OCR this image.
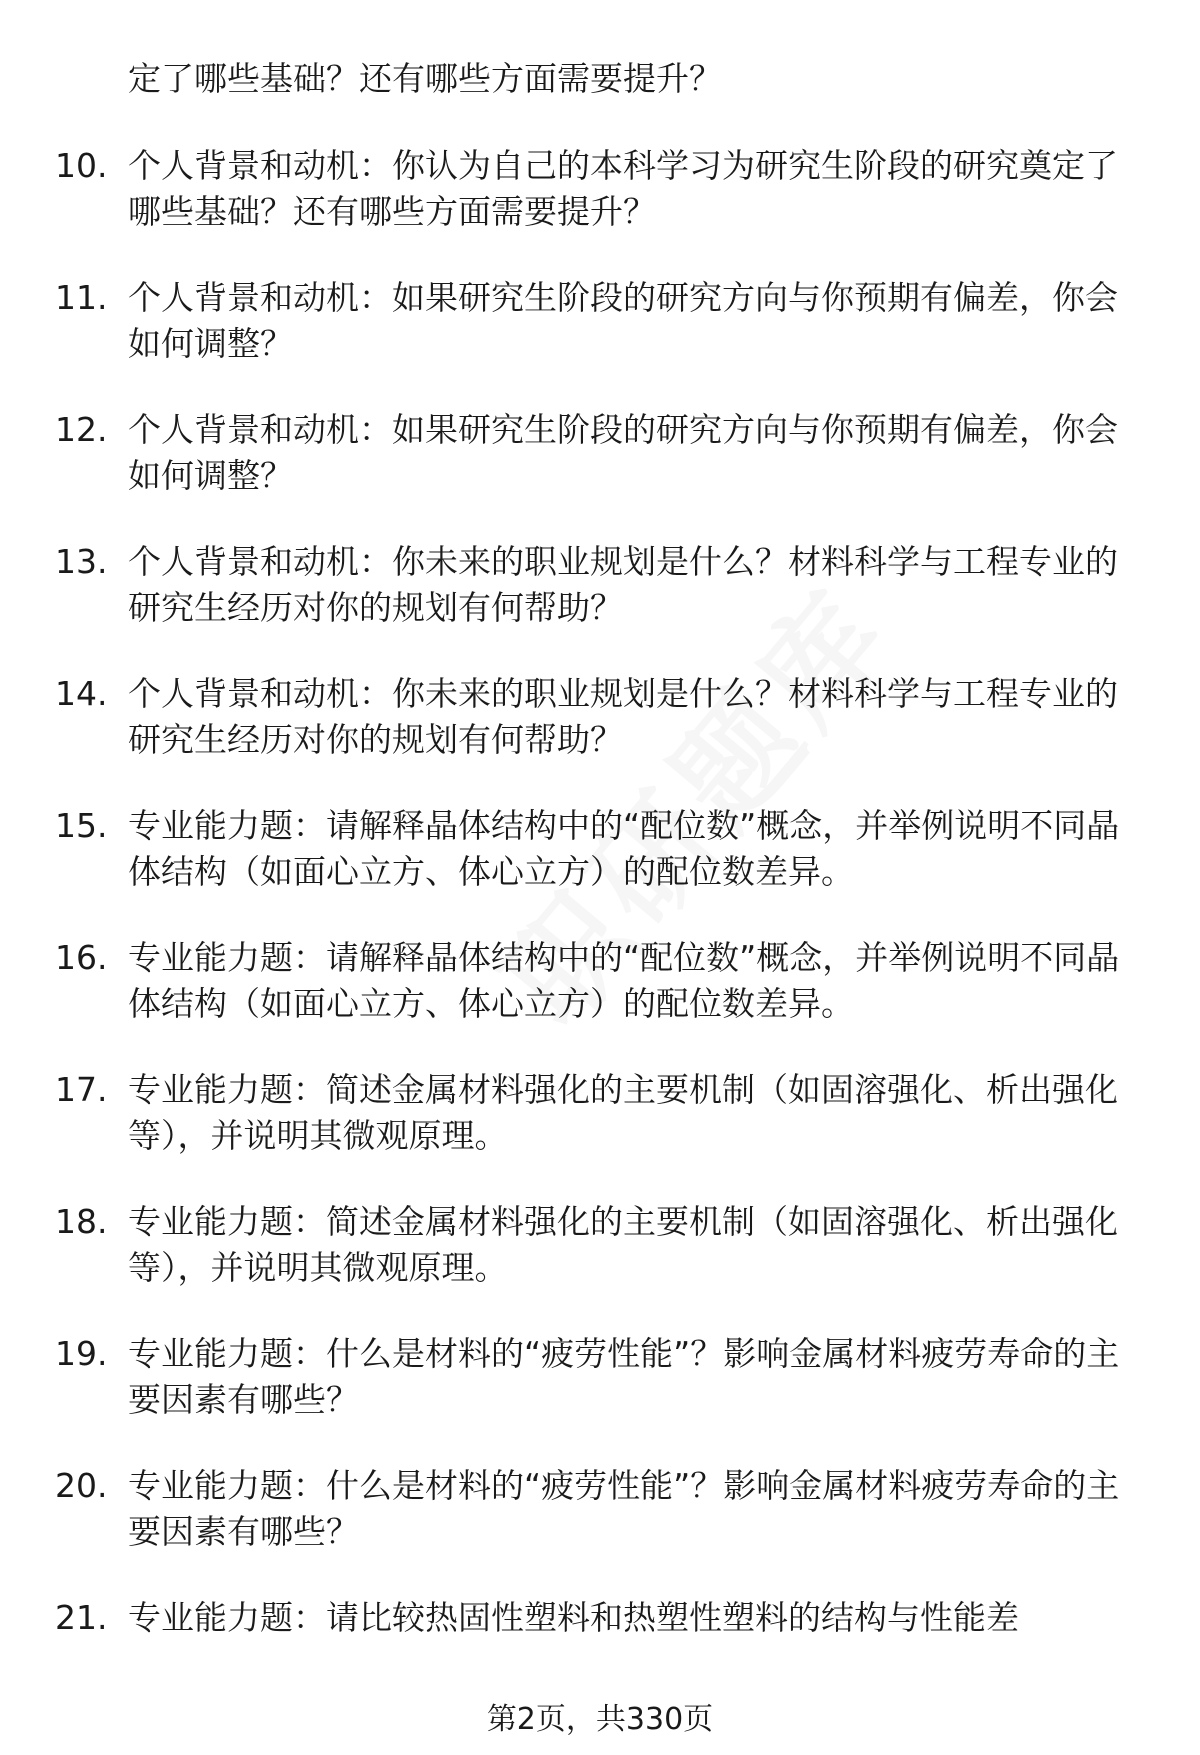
定了哪些基础？还有哪些方面需要提升？

10. 个人背景和动机：你认为自己的本科学习为研究生阶段的研究奠定了哪些基础？还有哪些方面需要提升？

11. 个人背景和动机：如果研究生阶段的研究方向与你预期有偏差，你会如何调整？

12. 个人背景和动机：如果研究生阶段的研究方向与你预期有偏差，你会如何调整？

13. 个人背景和动机：你未来的职业规划是什么？材料科学与工程专业的研究生经历对你的规划有何帮助？

14. 个人背景和动机：你未来的职业规划是什么？材料科学与工程专业的研究生经历对你的规划有何帮助？

15. 专业能力题：请解释晶体结构中的“配位数”概念，并举例说明不同晶体结构（如面心立方、体心立方）的配位数差异。

16. 专业能力题：请解释晶体结构中的“配位数”概念，并举例说明不同晶体结构（如面心立方、体心立方）的配位数差异。

17. 专业能力题：简述金属材料强化的主要机制（如固溶强化、析出强化等），并说明其微观原理。

18. 专业能力题：简述金属材料强化的主要机制（如固溶强化、析出强化等），并说明其微观原理。

19. 专业能力题：什么是材料的“疲劳性能”？影响金属材料疲劳寿命的主要因素有哪些？

20. 专业能力题：什么是材料的“疲劳性能”？影响金属材料疲劳寿命的主要因素有哪些？

21. 专业能力题：请比较热固性塑料和热塑性塑料的结构与性能差

第2页，共330页
